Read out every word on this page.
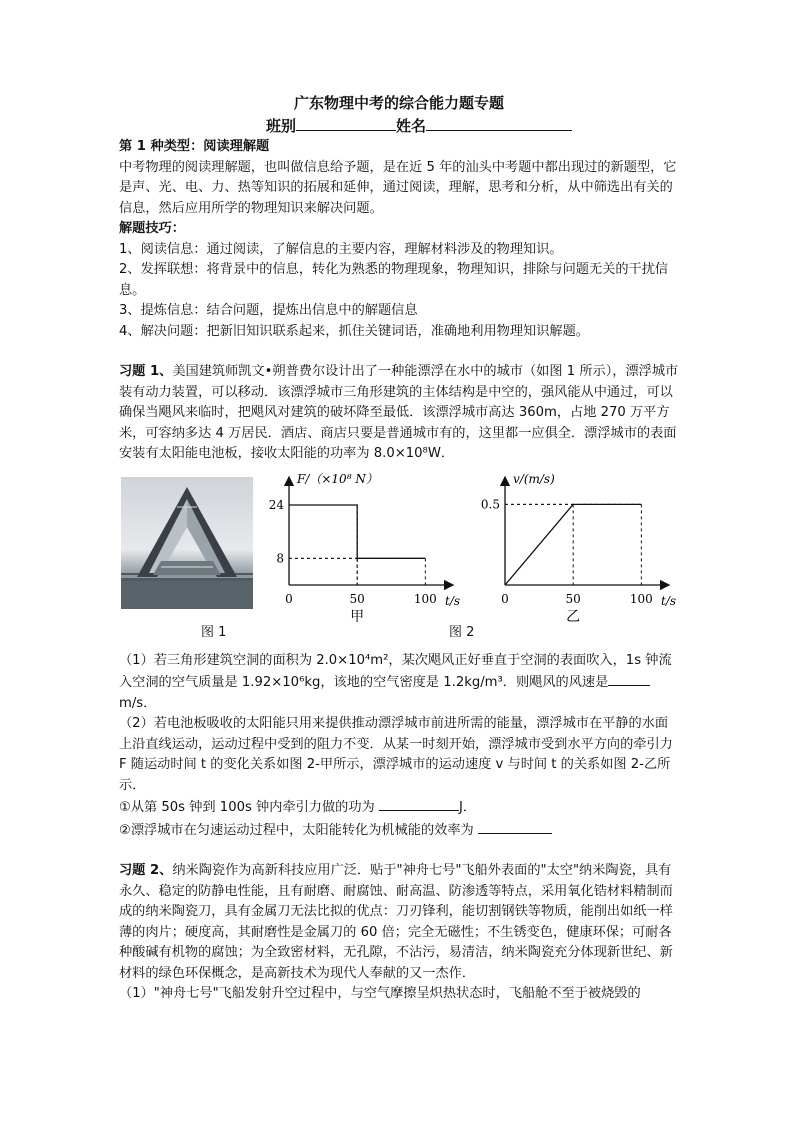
广东物理中考的综合能力题专题

班别	姓名

第 1 种类型：阅读理解题

中考物理的阅读理解题，也叫做信息给予题，是在近 5 年的汕头中考题中都出现过的新题型，它是声、光、电、力、热等知识的拓展和延伸，通过阅读，理解，思考和分析，从中筛选出有关的信息，然后应用所学的物理知识来解决问题。

解题技巧：

1、阅读信息：通过阅读，了解信息的主要内容，理解材料涉及的物理知识。

2、发挥联想：将背景中的信息，转化为熟悉的物理现象，物理知识，排除与问题无关的干扰信息。

3、提炼信息：结合问题，提炼出信息中的解题信息

4、解决问题：把新旧知识联系起来，抓住关键词语，准确地利用物理知识解题。

习题 1、美国建筑师凯文•朔普费尔设计出了一种能漂浮在水中的城市（如图 1 所示），漂浮城市装有动力装置，可以移动．该漂浮城市三角形建筑的主体结构是中空的，强风能从中通过，可以确保当飓风来临时，把飓风对建筑的破坏降至最低．该漂浮城市高达 360m，占地 270 万平方米，可容纳多达 4 万居民．酒店、商店只要是普通城市有的，这里都一应俱全．漂浮城市的表面安装有太阳能电池板，接收太阳能的功率为 8.0×10⁸W．

图 1
F/（×10⁸ N）
t/s
0	50	100
8
24
甲
v/(m/s)
t/s
0	50	100
0.5
乙
图 2

（1）若三角形建筑空洞的面积为 2.0×10⁴m²，某次飓风正好垂直于空洞的表面吹入，1s 钟流入空洞的空气质量是 1.92×10⁶kg，该地的空气密度是 1.2kg/m³．则飓风的风速是 m/s．

（2）若电池板吸收的太阳能只用来提供推动漂浮城市前进所需的能量，漂浮城市在平静的水面上沿直线运动，运动过程中受到的阻力不变．从某一时刻开始，漂浮城市受到水平方向的牵引力 F 随运动时间 t 的变化关系如图 2-甲所示，漂浮城市的运动速度 v 与时间 t 的关系如图 2-乙所示．

①从第 50s 钟到 100s 钟内牵引力做的功为	J．

②漂浮城市在匀速运动过程中，太阳能转化为机械能的效率为

习题 2、纳米陶瓷作为高新科技应用广泛．贴于"神舟七号"飞船外表面的"太空"纳米陶瓷，具有永久、稳定的防静电性能，且有耐磨、耐腐蚀、耐高温、防渗透等特点，采用氧化锆材料精制而成的纳米陶瓷刀，具有金属刀无法比拟的优点：刀刃锋利，能切割钢铁等物质，能削出如纸一样薄的肉片；硬度高，其耐磨性是金属刀的 60 倍；完全无磁性；不生锈变色，健康环保；可耐各种酸碱有机物的腐蚀；为全致密材料，无孔隙，不沾污，易清洁，纳米陶瓷充分体现新世纪、新材料的绿色环保概念，是高新技术为现代人奉献的又一杰作．

（1）"神舟七号"飞船发射升空过程中，与空气摩擦呈炽热状态时，飞船舱不至于被烧毁的
